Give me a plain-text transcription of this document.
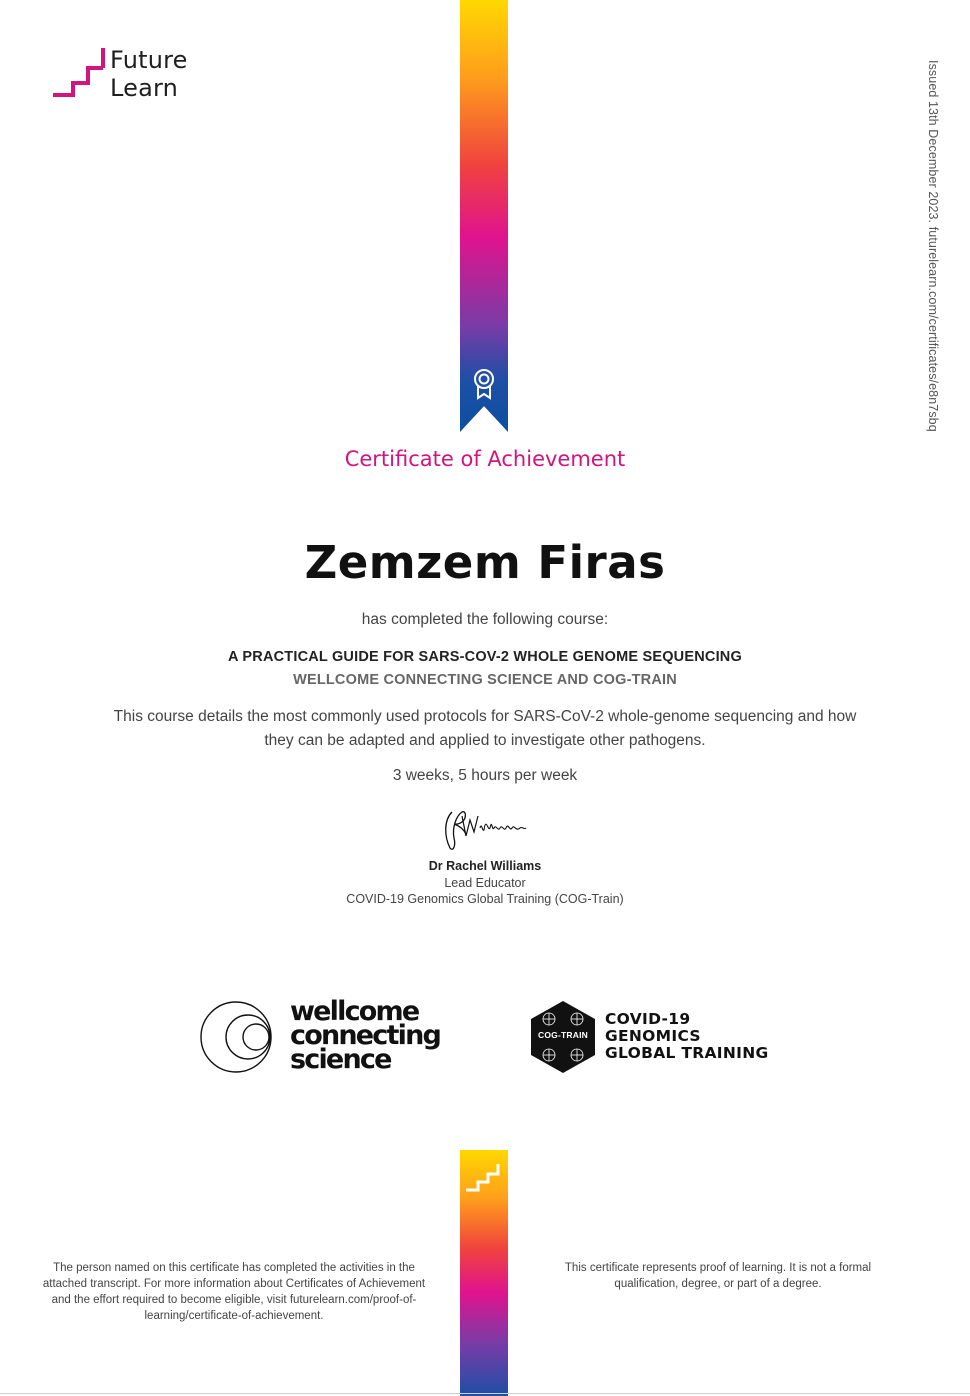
Future
Learn
Certificate of Achievement
Zemzem Firas
has completed the following course:
A PRACTICAL GUIDE FOR SARS-COV-2 WHOLE GENOME SEQUENCING
WELLCOME CONNECTING SCIENCE AND COG-TRAIN
This course details the most commonly used protocols for SARS-CoV-2 whole-genome sequencing and how they can be adapted and applied to investigate other pathogens.
3 weeks, 5 hours per week
Dr Rachel Williams
Lead Educator
COVID-19 Genomics Global Training (COG-Train)
wellcome
connecting
science
COG-TRAIN
COVID-19
GENOMICS
GLOBAL TRAINING
The person named on this certificate has completed the activities in the attached transcript. For more information about Certificates of Achievement and the effort required to become eligible, visit futurelearn.com/proof-of-learning/certificate-of-achievement.
This certificate represents proof of learning. It is not a formal qualification, degree, or part of a degree.
Issued 13th December 2023. futurelearn.com/certificates/e8n7sbq
